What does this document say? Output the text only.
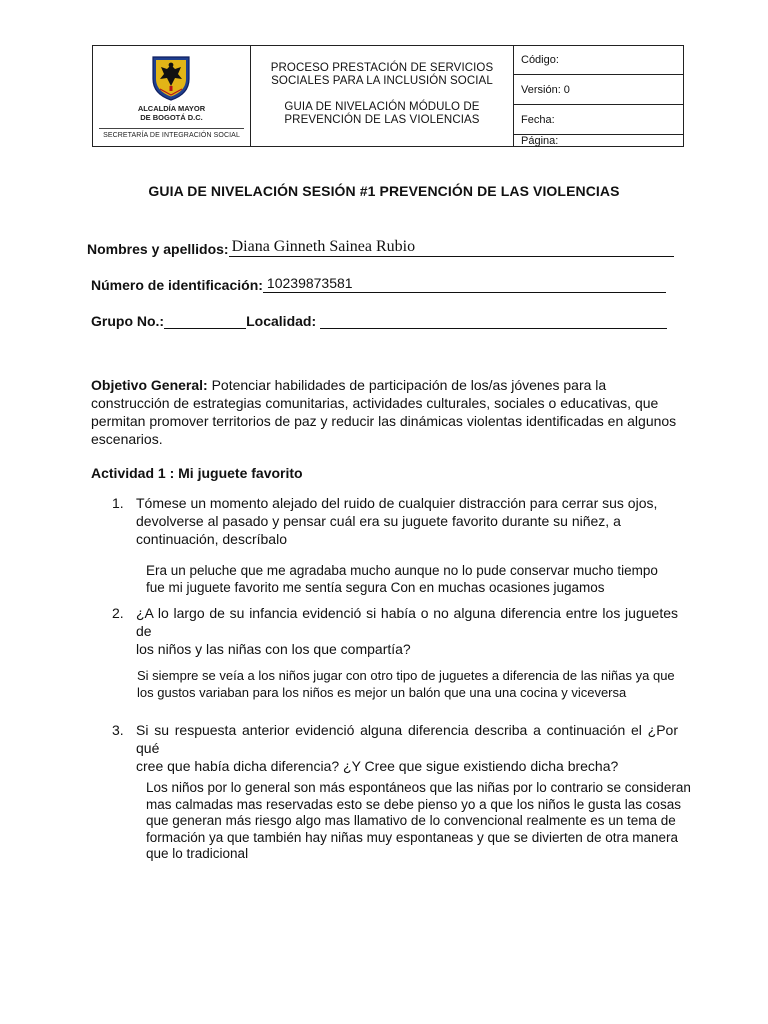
ALCALDÍA MAYOR
DE BOGOTÁ D.C.
SECRETARÍA DE INTEGRACIÓN SOCIAL
PROCESO PRESTACIÓN DE SERVICIOS
SOCIALES PARA LA INCLUSIÓN SOCIAL
GUIA DE NIVELACIÓN MÓDULO DE
PREVENCIÓN DE LAS VIOLENCIAS
Código:
Versión: 0
Fecha:
Página:
GUIA DE NIVELACIÓN SESIÓN #1 PREVENCIÓN DE LAS VIOLENCIAS
Nombres y apellidos: Diana Ginneth Sainea Rubio
Número de identificación: 10239873581
Grupo No.:	Localidad:
Objetivo General: Potenciar habilidades de participación de los/as jóvenes para la
construcción de estrategias comunitarias, actividades culturales, sociales o educativas, que
permitan promover territorios de paz y reducir las dinámicas violentas identificadas en algunos
escenarios.
Actividad 1 : Mi juguete favorito
1. Tómese un momento alejado del ruido de cualquier distracción para cerrar sus ojos,
devolverse al pasado y pensar cuál era su juguete favorito durante su niñez, a
continuación, descríbalo
Era un peluche que me agradaba mucho aunque no lo pude conservar mucho tiempo
fue mi juguete favorito me sentía segura Con en muchas ocasiones jugamos
2. ¿A lo largo de su infancia evidenció si había o no alguna diferencia entre los juguetes de
los niños y las niñas con los que compartía?
Si siempre se veía a los niños jugar con otro tipo de juguetes a diferencia de las niñas ya que
los gustos variaban para los niños es mejor un balón que una una cocina y viceversa
3. Si su respuesta anterior evidenció alguna diferencia describa a continuación el ¿Por qué
cree que había dicha diferencia? ¿Y Cree que sigue existiendo dicha brecha?
Los niños por lo general son más espontáneos que las niñas por lo contrario se consideran
mas calmadas mas reservadas esto se debe pienso yo a que los niños le gusta las cosas
que generan más riesgo algo mas llamativo de lo convencional realmente es un tema de
formación ya que también hay niñas muy espontaneas y que se divierten de otra manera
que lo tradicional
